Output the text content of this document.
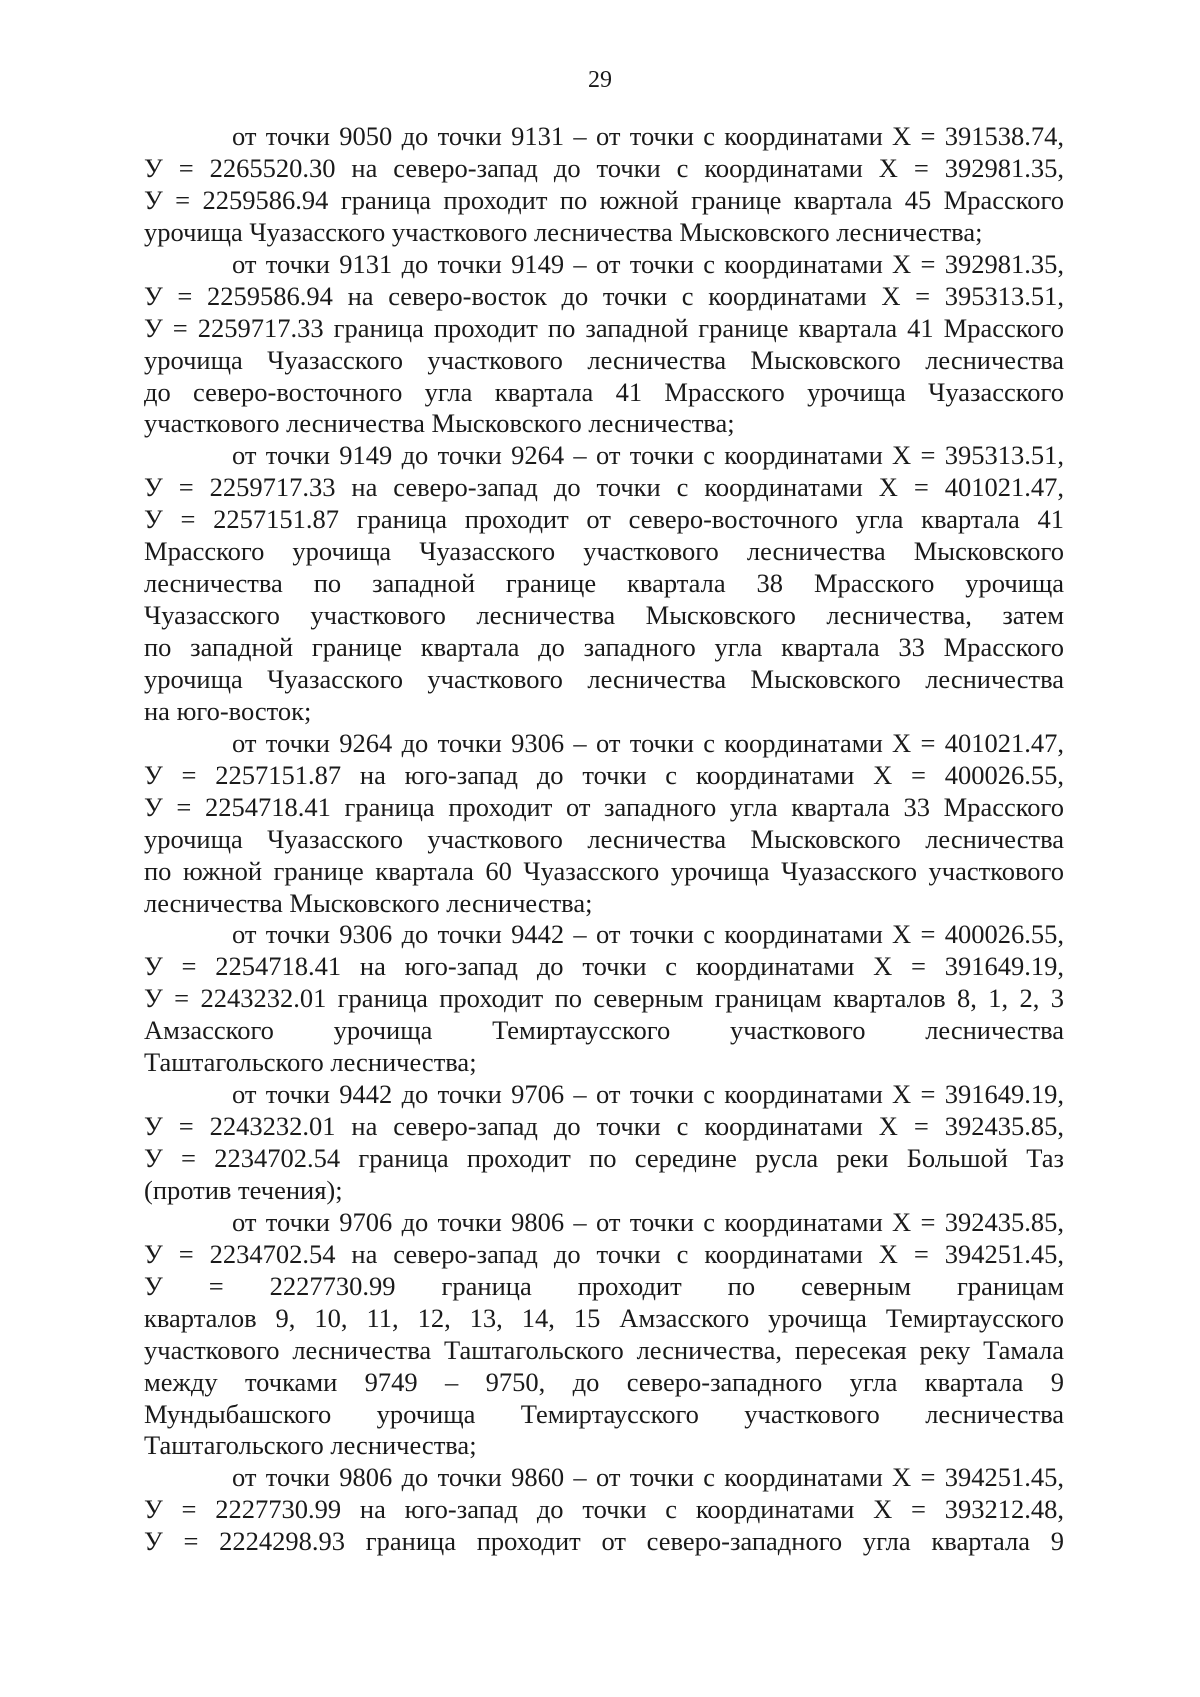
29
от точки 9050 до точки 9131 – от точки с координатами Х = 391538.74,
У = 2265520.30 на северо-запад до точки с координатами Х = 392981.35,
У = 2259586.94 граница проходит по южной границе квартала 45 Мрасского
урочища Чуазасского участкового лесничества Мысковского лесничества;
от точки 9131 до точки 9149 – от точки с координатами Х = 392981.35,
У = 2259586.94 на северо-восток до точки с координатами Х = 395313.51,
У = 2259717.33 граница проходит по западной границе квартала 41 Мрасского
урочища Чуазасского участкового лесничества Мысковского лесничества
до северо-восточного угла квартала 41 Мрасского урочища Чуазасского
участкового лесничества Мысковского лесничества;
от точки 9149 до точки 9264 – от точки с координатами Х = 395313.51,
У = 2259717.33 на северо-запад до точки с координатами Х = 401021.47,
У = 2257151.87 граница проходит от северо-восточного угла квартала 41
Мрасского урочища Чуазасского участкового лесничества Мысковского
лесничества по западной границе квартала 38 Мрасского урочища
Чуазасского участкового лесничества Мысковского лесничества, затем
по западной границе квартала до западного угла квартала 33 Мрасского
урочища Чуазасского участкового лесничества Мысковского лесничества
на юго-восток;
от точки 9264 до точки 9306 – от точки с координатами Х = 401021.47,
У = 2257151.87 на юго-запад до точки с координатами Х = 400026.55,
У = 2254718.41 граница проходит от западного угла квартала 33 Мрасского
урочища Чуазасского участкового лесничества Мысковского лесничества
по южной границе квартала 60 Чуазасского урочища Чуазасского участкового
лесничества Мысковского лесничества;
от точки 9306 до точки 9442 – от точки с координатами Х = 400026.55,
У = 2254718.41 на юго-запад до точки с координатами Х = 391649.19,
У = 2243232.01 граница проходит по северным границам кварталов 8, 1, 2, 3
Амзасского урочища Темиртаусского участкового лесничества
Таштагольского лесничества;
от точки 9442 до точки 9706 – от точки с координатами Х = 391649.19,
У = 2243232.01 на северо-запад до точки с координатами Х = 392435.85,
У = 2234702.54 граница проходит по середине русла реки Большой Таз
(против течения);
от точки 9706 до точки 9806 – от точки с координатами Х = 392435.85,
У = 2234702.54 на северо-запад до точки с координатами Х = 394251.45,
У = 2227730.99 граница проходит по северным границам
кварталов 9, 10, 11, 12, 13, 14, 15 Амзасского урочища Темиртаусского
участкового лесничества Таштагольского лесничества, пересекая реку Тамала
между точками 9749 – 9750, до северо-западного угла квартала 9
Мундыбашского урочища Темиртаусского участкового лесничества
Таштагольского лесничества;
от точки 9806 до точки 9860 – от точки с координатами Х = 394251.45,
У = 2227730.99 на юго-запад до точки с координатами Х = 393212.48,
У = 2224298.93 граница проходит от северо-западного угла квартала 9
